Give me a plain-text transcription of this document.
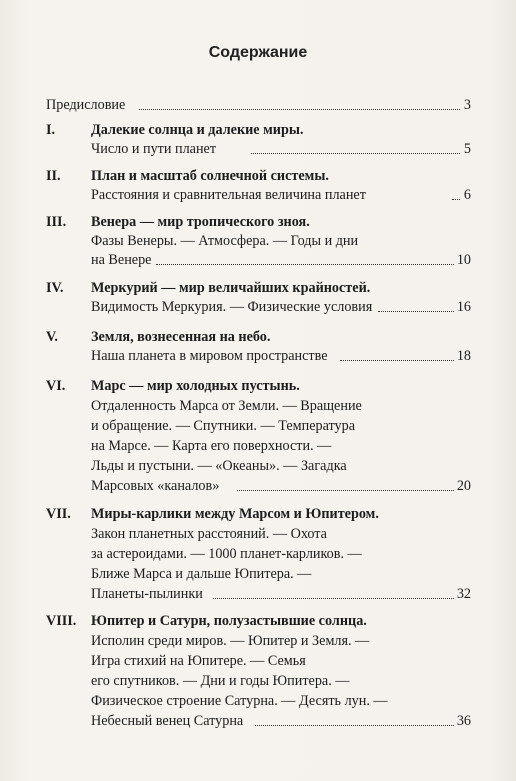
Содержание
Предисловие	3
I.	Далекие солнца и далекие миры.
Число и пути планет	5
II. План и масштаб солнечной системы.
Расстояния и сравнительная величина планет	6
III. Венера — мир тропического зноя.
Фазы Венеры. — Атмосфера. — Годы и дни
на Венере	10
IV. Меркурий — мир величайших крайностей.
Видимость Меркурия. — Физические условия	16
V. Земля, вознесенная на небо.
Наша планета в мировом пространстве	18
VI. Марс — мир холодных пустынь.
Отдаленность Марса от Земли. — Вращение
и обращение. — Спутники. — Температура
на Марсе. — Карта его поверхности. —
Льды и пустыни. — «Океаны». — Загадка
Марсовых «каналов»	20
VII. Миры-карлики между Марсом и Юпитером.
Закон планетных расстояний. — Охота
за астероидами. — 1000 планет-карликов. —
Ближе Марса и дальше Юпитера. —
Планеты-пылинки	32
VIII. Юпитер и Сатурн, полузастывшие солнца.
Исполин среди миров. — Юпитер и Земля. —
Игра стихий на Юпитере. — Семья
его спутников. — Дни и годы Юпитера. —
Физическое строение Сатурна. — Десять лун. —
Небесный венец Сатурна	36
